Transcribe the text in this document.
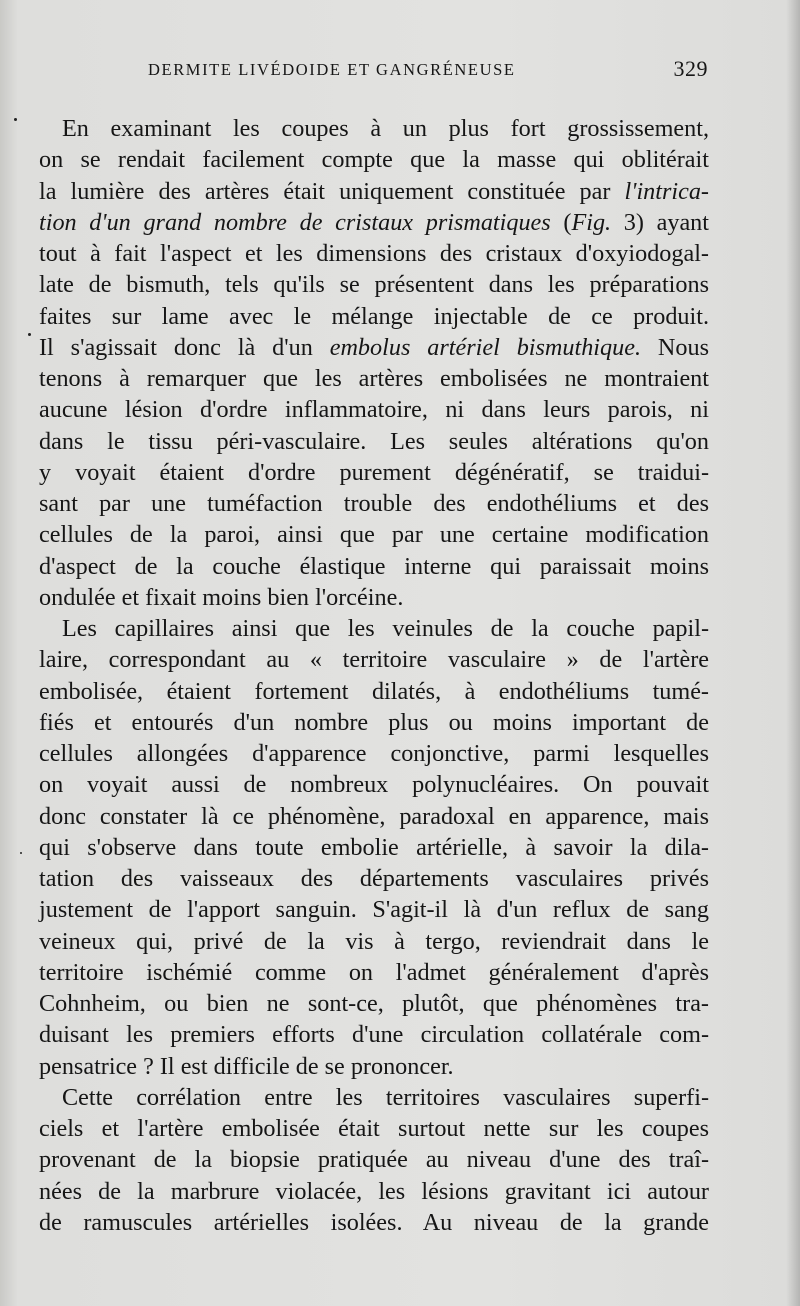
DERMITE LIVÉDOIDE ET GANGRÉNEUSE	329
En examinant les coupes à un plus fort grossissement,
on se rendait facilement compte que la masse qui oblitérait
la lumière des artères était uniquement constituée par l'intrica-
tion d'un grand nombre de cristaux prismatiques (Fig. 3) ayant
tout à fait l'aspect et les dimensions des cristaux d'oxyiodogal-
late de bismuth, tels qu'ils se présentent dans les préparations
faites sur lame avec le mélange injectable de ce produit.
Il s'agissait donc là d'un embolus artériel bismuthique. Nous
tenons à remarquer que les artères embolisées ne montraient
aucune lésion d'ordre inflammatoire, ni dans leurs parois, ni
dans le tissu péri-vasculaire. Les seules altérations qu'on
y voyait étaient d'ordre purement dégénératif, se traidui-
sant par une tuméfaction trouble des endothéliums et des
cellules de la paroi, ainsi que par une certaine modification
d'aspect de la couche élastique interne qui paraissait moins
ondulée et fixait moins bien l'orcéine.
Les capillaires ainsi que les veinules de la couche papil-
laire, correspondant au « territoire vasculaire » de l'artère
embolisée, étaient fortement dilatés, à endothéliums tumé-
fiés et entourés d'un nombre plus ou moins important de
cellules allongées d'apparence conjonctive, parmi lesquelles
on voyait aussi de nombreux polynucléaires. On pouvait
donc constater là ce phénomène, paradoxal en apparence, mais
qui s'observe dans toute embolie artérielle, à savoir la dila-
tation des vaisseaux des départements vasculaires privés
justement de l'apport sanguin. S'agit-il là d'un reflux de sang
veineux qui, privé de la vis à tergo, reviendrait dans le
territoire ischémié comme on l'admet généralement d'après
Cohnheim, ou bien ne sont-ce, plutôt, que phénomènes tra-
duisant les premiers efforts d'une circulation collatérale com-
pensatrice ? Il est difficile de se prononcer.
Cette corrélation entre les territoires vasculaires superfi-
ciels et l'artère embolisée était surtout nette sur les coupes
provenant de la biopsie pratiquée au niveau d'une des traî-
nées de la marbrure violacée, les lésions gravitant ici autour
de ramuscules artérielles isolées. Au niveau de la grande
